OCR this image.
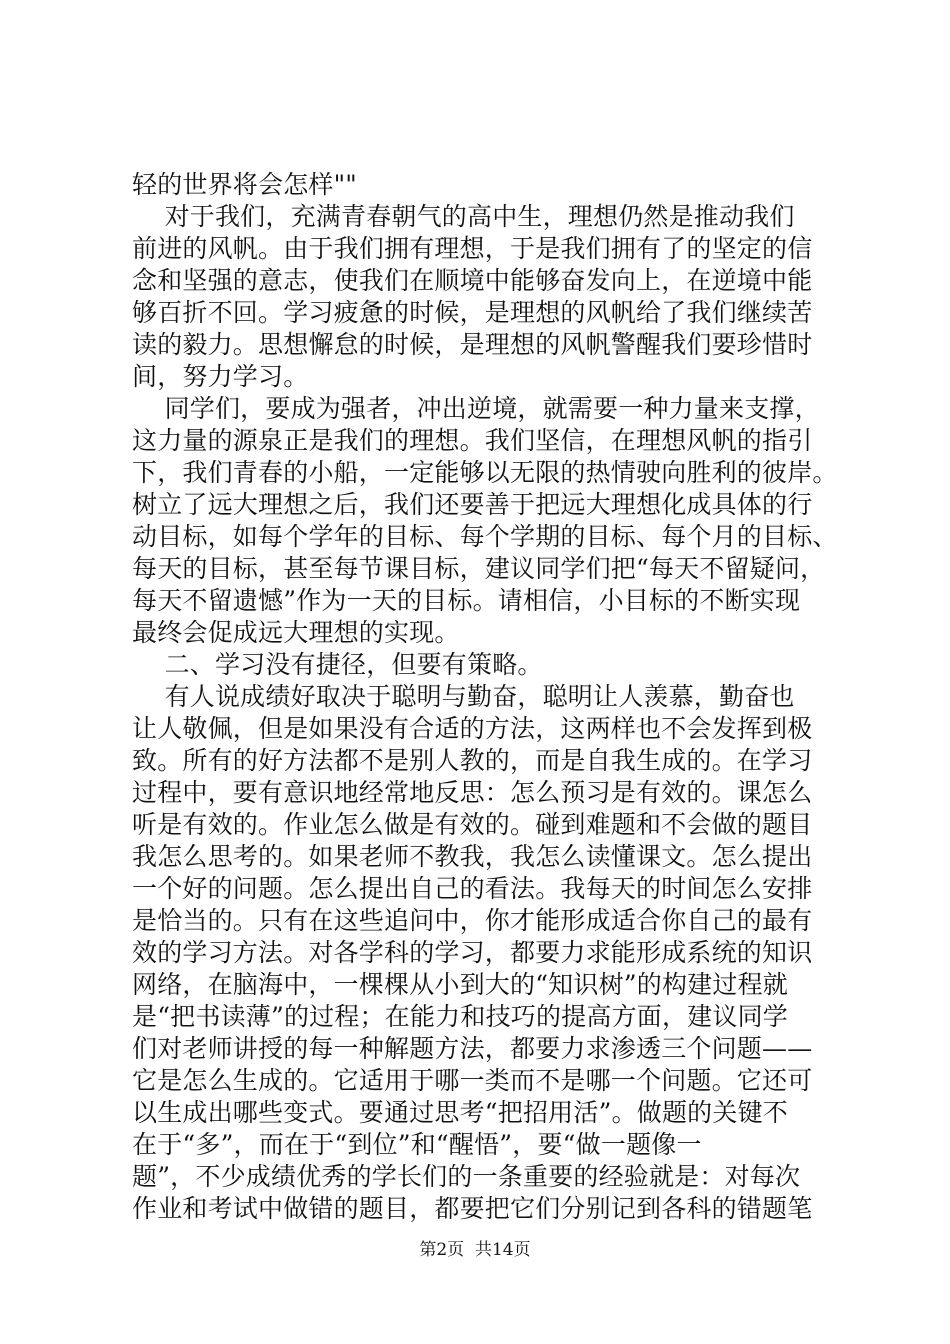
轻的世界将会怎样""
对于我们，充满青春朝气的高中生，理想仍然是推动我们
前进的风帆。由于我们拥有理想，于是我们拥有了的坚定的信
念和坚强的意志，使我们在顺境中能够奋发向上，在逆境中能
够百折不回。学习疲惫的时候，是理想的风帆给了我们继续苦
读的毅力。思想懈怠的时候，是理想的风帆警醒我们要珍惜时
间，努力学习。
同学们，要成为强者，冲出逆境，就需要一种力量来支撑，
这力量的源泉正是我们的理想。我们坚信，在理想风帆的指引
下，我们青春的小船，一定能够以无限的热情驶向胜利的彼岸。
树立了远大理想之后，我们还要善于把远大理想化成具体的行
动目标，如每个学年的目标、每个学期的目标、每个月的目标、
每天的目标，甚至每节课目标，建议同学们把“每天不留疑问，
每天不留遗憾”作为一天的目标。请相信，小目标的不断实现
最终会促成远大理想的实现。
二、学习没有捷径，但要有策略。
有人说成绩好取决于聪明与勤奋，聪明让人羡慕，勤奋也
让人敬佩，但是如果没有合适的方法，这两样也不会发挥到极
致。所有的好方法都不是别人教的，而是自我生成的。在学习
过程中，要有意识地经常地反思：怎么预习是有效的。课怎么
听是有效的。作业怎么做是有效的。碰到难题和不会做的题目
我怎么思考的。如果老师不教我，我怎么读懂课文。怎么提出
一个好的问题。怎么提出自己的看法。我每天的时间怎么安排
是恰当的。只有在这些追问中，你才能形成适合你自己的最有
效的学习方法。对各学科的学习，都要力求能形成系统的知识
网络，在脑海中，一棵棵从小到大的“知识树”的构建过程就
是“把书读薄”的过程；在能力和技巧的提高方面，建议同学
们对老师讲授的每一种解题方法，都要力求渗透三个问题——
它是怎么生成的。它适用于哪一类而不是哪一个问题。它还可
以生成出哪些变式。要通过思考“把招用活”。做题的关键不
在于“多”，而在于“到位”和“醒悟”，要“做一题像一
题”，不少成绩优秀的学长们的一条重要的经验就是：对每次
作业和考试中做错的题目，都要把它们分别记到各科的错题笔
第2页  共14页
